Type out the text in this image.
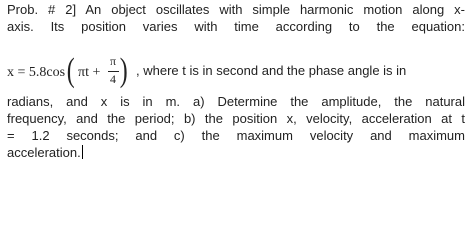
Prob. # 2] An object oscillates with simple harmonic motion along x-
axis. Its position varies with time according to the equation:
x = 5.8cos ( πt +
π
4 ) , where t is in second and the phase angle is in
radians, and x is in m. a) Determine the amplitude, the natural
frequency, and the period; b) the position x, velocity, acceleration at t
= 1.2 seconds; and c) the maximum velocity and maximum
acceleration.
